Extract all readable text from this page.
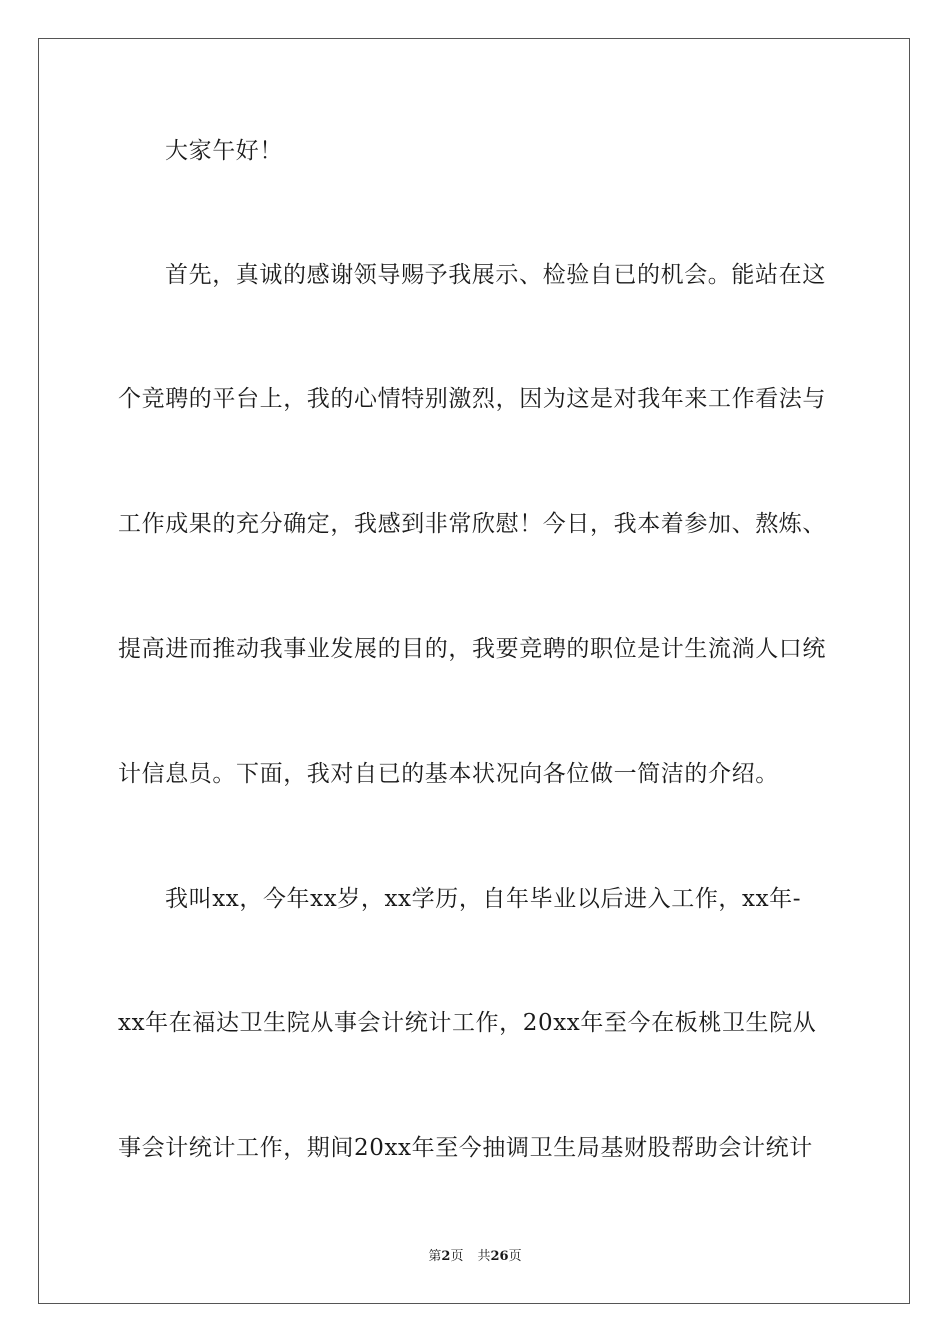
大家午好！
首先，真诚的感谢领导赐予我展示、检验自已的机会。能站在这
个竞聘的平台上，我的心情特别激烈，因为这是对我年来工作看法与
工作成果的充分确定，我感到非常欣慰！今日，我本着参加、熬炼、
提高进而推动我事业发展的目的，我要竞聘的职位是计生流淌人口统
计信息员。下面，我对自已的基本状况向各位做一简洁的介绍。
我叫xx，今年xx岁，xx学历，自年毕业以后进入工作，xx年-
xx年在福达卫生院从事会计统计工作，20xx年至今在板桃卫生院从
事会计统计工作，期间20xx年至今抽调卫生局基财股帮助会计统计
第2页 共26页
